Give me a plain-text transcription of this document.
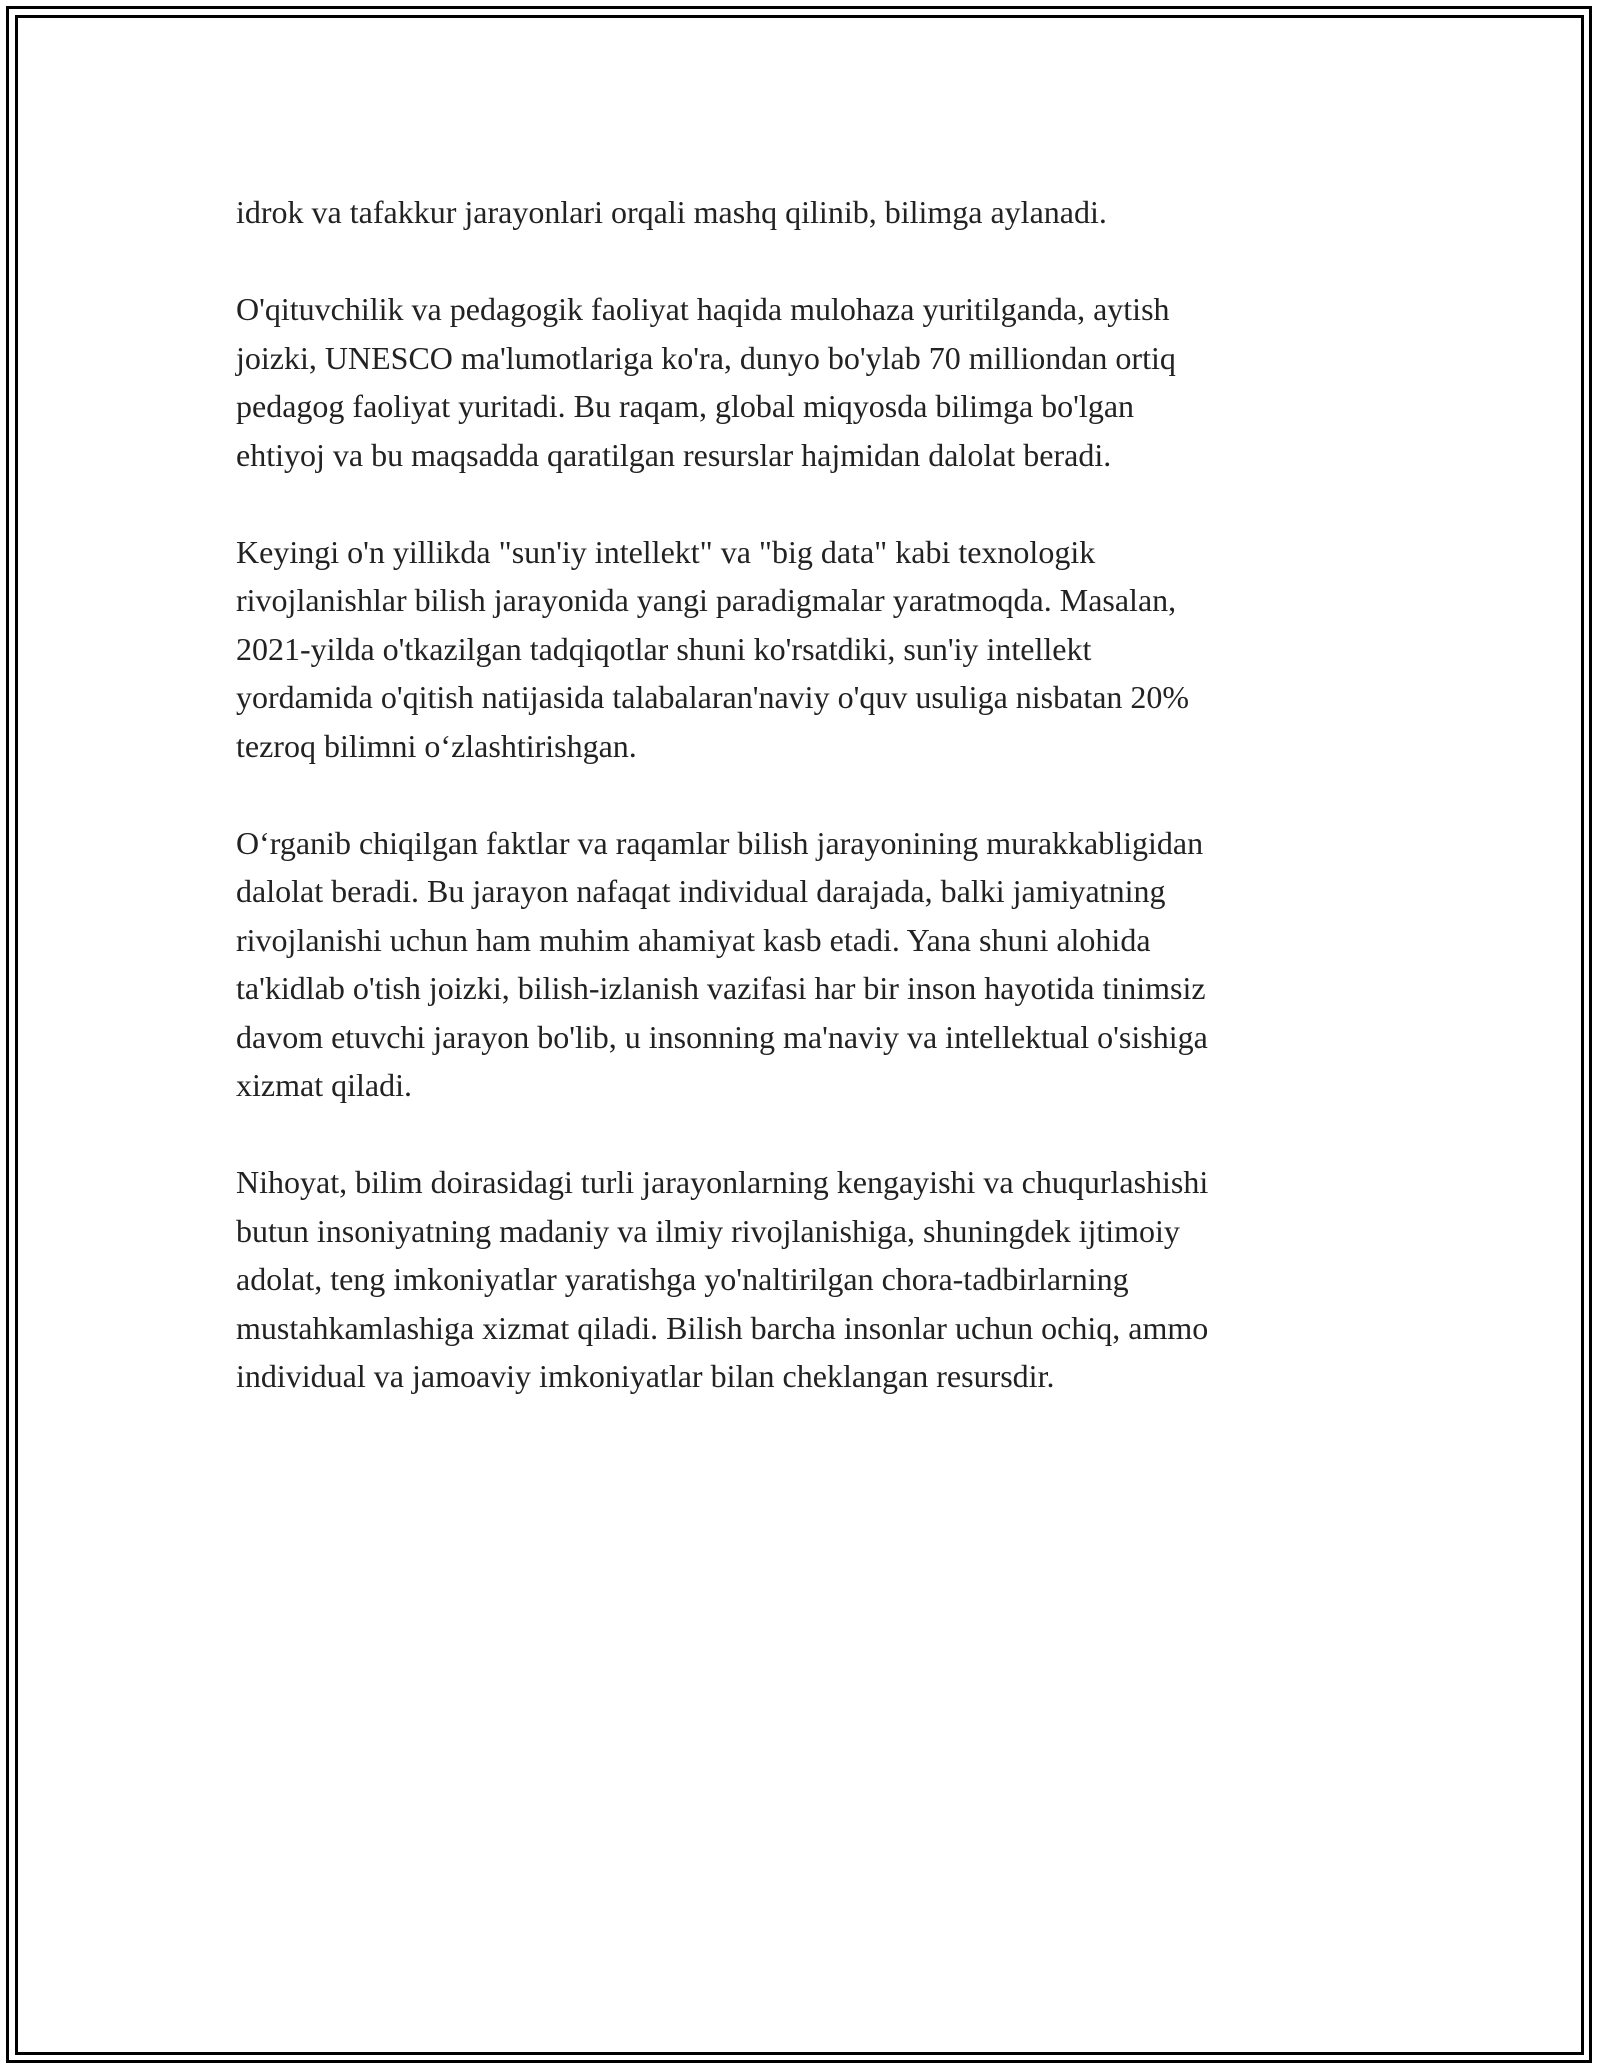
idrok va tafakkur jarayonlari orqali mashq qilinib, bilimga aylanadi.

O'qituvchilik va pedagogik faoliyat haqida mulohaza yuritilganda, aytish
joizki, UNESCO ma'lumotlariga ko'ra, dunyo bo'ylab 70 milliondan ortiq
pedagog faoliyat yuritadi. Bu raqam, global miqyosda bilimga bo'lgan
ehtiyoj va bu maqsadda qaratilgan resurslar hajmidan dalolat beradi.

Keyingi o'n yillikda "sun'iy intellekt" va "big data" kabi texnologik
rivojlanishlar bilish jarayonida yangi paradigmalar yaratmoqda. Masalan,
2021-yilda o'tkazilgan tadqiqotlar shuni ko'rsatdiki, sun'iy intellekt
yordamida o'qitish natijasida talabalaran'naviy o'quv usuliga nisbatan 20%
tezroq bilimni o‘zlashtirishgan.

O‘rganib chiqilgan faktlar va raqamlar bilish jarayonining murakkabligidan
dalolat beradi. Bu jarayon nafaqat individual darajada, balki jamiyatning
rivojlanishi uchun ham muhim ahamiyat kasb etadi. Yana shuni alohida
ta'kidlab o'tish joizki, bilish-izlanish vazifasi har bir inson hayotida tinimsiz
davom etuvchi jarayon bo'lib, u insonning ma'naviy va intellektual o'sishiga
xizmat qiladi.

Nihoyat, bilim doirasidagi turli jarayonlarning kengayishi va chuqurlashishi
butun insoniyatning madaniy va ilmiy rivojlanishiga, shuningdek ijtimoiy
adolat, teng imkoniyatlar yaratishga yo'naltirilgan chora-tadbirlarning
mustahkamlashiga xizmat qiladi. Bilish barcha insonlar uchun ochiq, ammo
individual va jamoaviy imkoniyatlar bilan cheklangan resursdir.
